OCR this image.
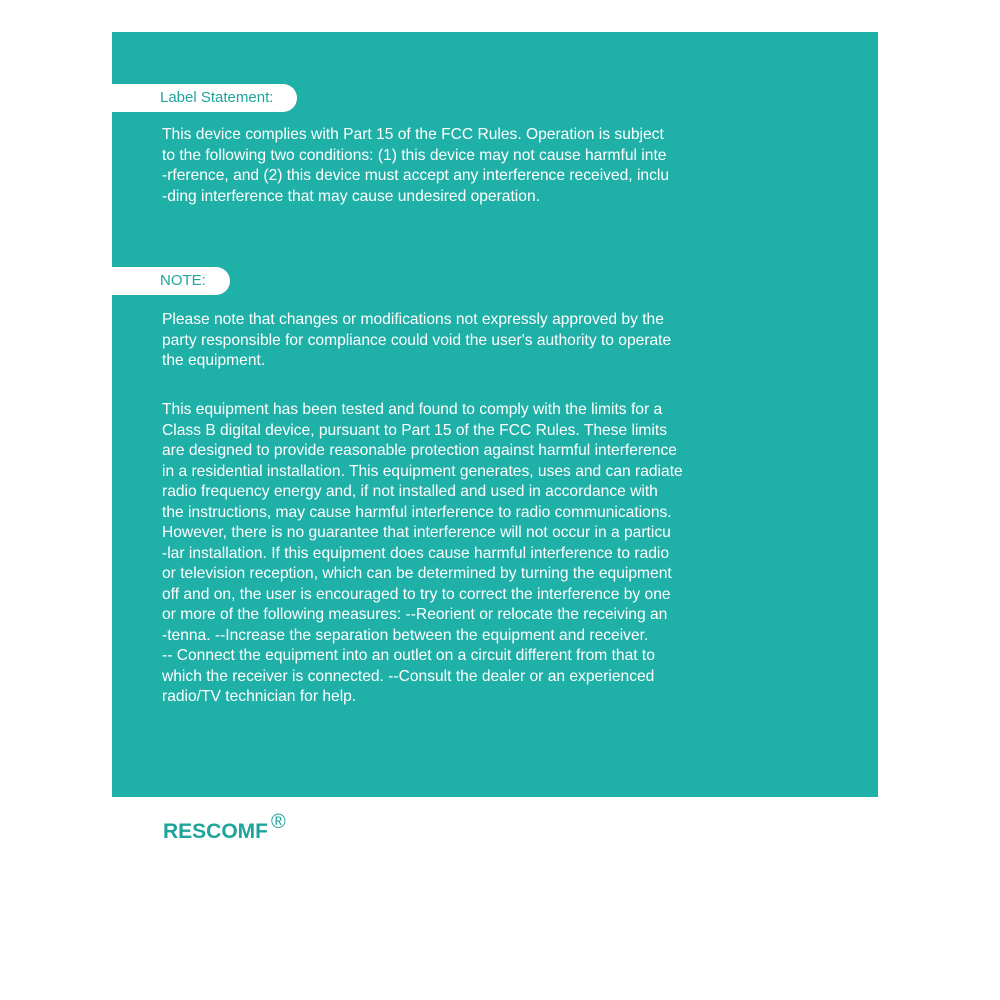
Label Statement:
This device complies with Part 15 of the FCC Rules. Operation is subject
to the following two conditions: (1) this device may not cause harmful inte
-rference, and (2) this device must accept any interference received, inclu
-ding interference that may cause undesired operation.
NOTE:
Please note that changes or modifications not expressly approved by the
party responsible for compliance could void the user's authority to operate
the equipment.
This equipment has been tested and found to comply with the limits for a
Class B digital device, pursuant to Part 15 of the FCC Rules. These limits
are designed to provide reasonable protection against harmful interference
in a residential installation. This equipment generates, uses and can radiate
radio frequency energy and, if not installed and used in accordance with
the instructions, may cause harmful interference to radio communications.
However, there is no guarantee that interference will not occur in a particu
-lar installation. If this equipment does cause harmful interference to radio
or television reception, which can be determined by turning the equipment
off and on, the user is encouraged to try to correct the interference by one
or more of the following measures: --Reorient or relocate the receiving an
-tenna. --Increase the separation between the equipment and receiver.
-- Connect the equipment into an outlet on a circuit different from that to
which the receiver is connected. --Consult the dealer or an experienced
radio/TV technician for help.
RESCOMF ®
